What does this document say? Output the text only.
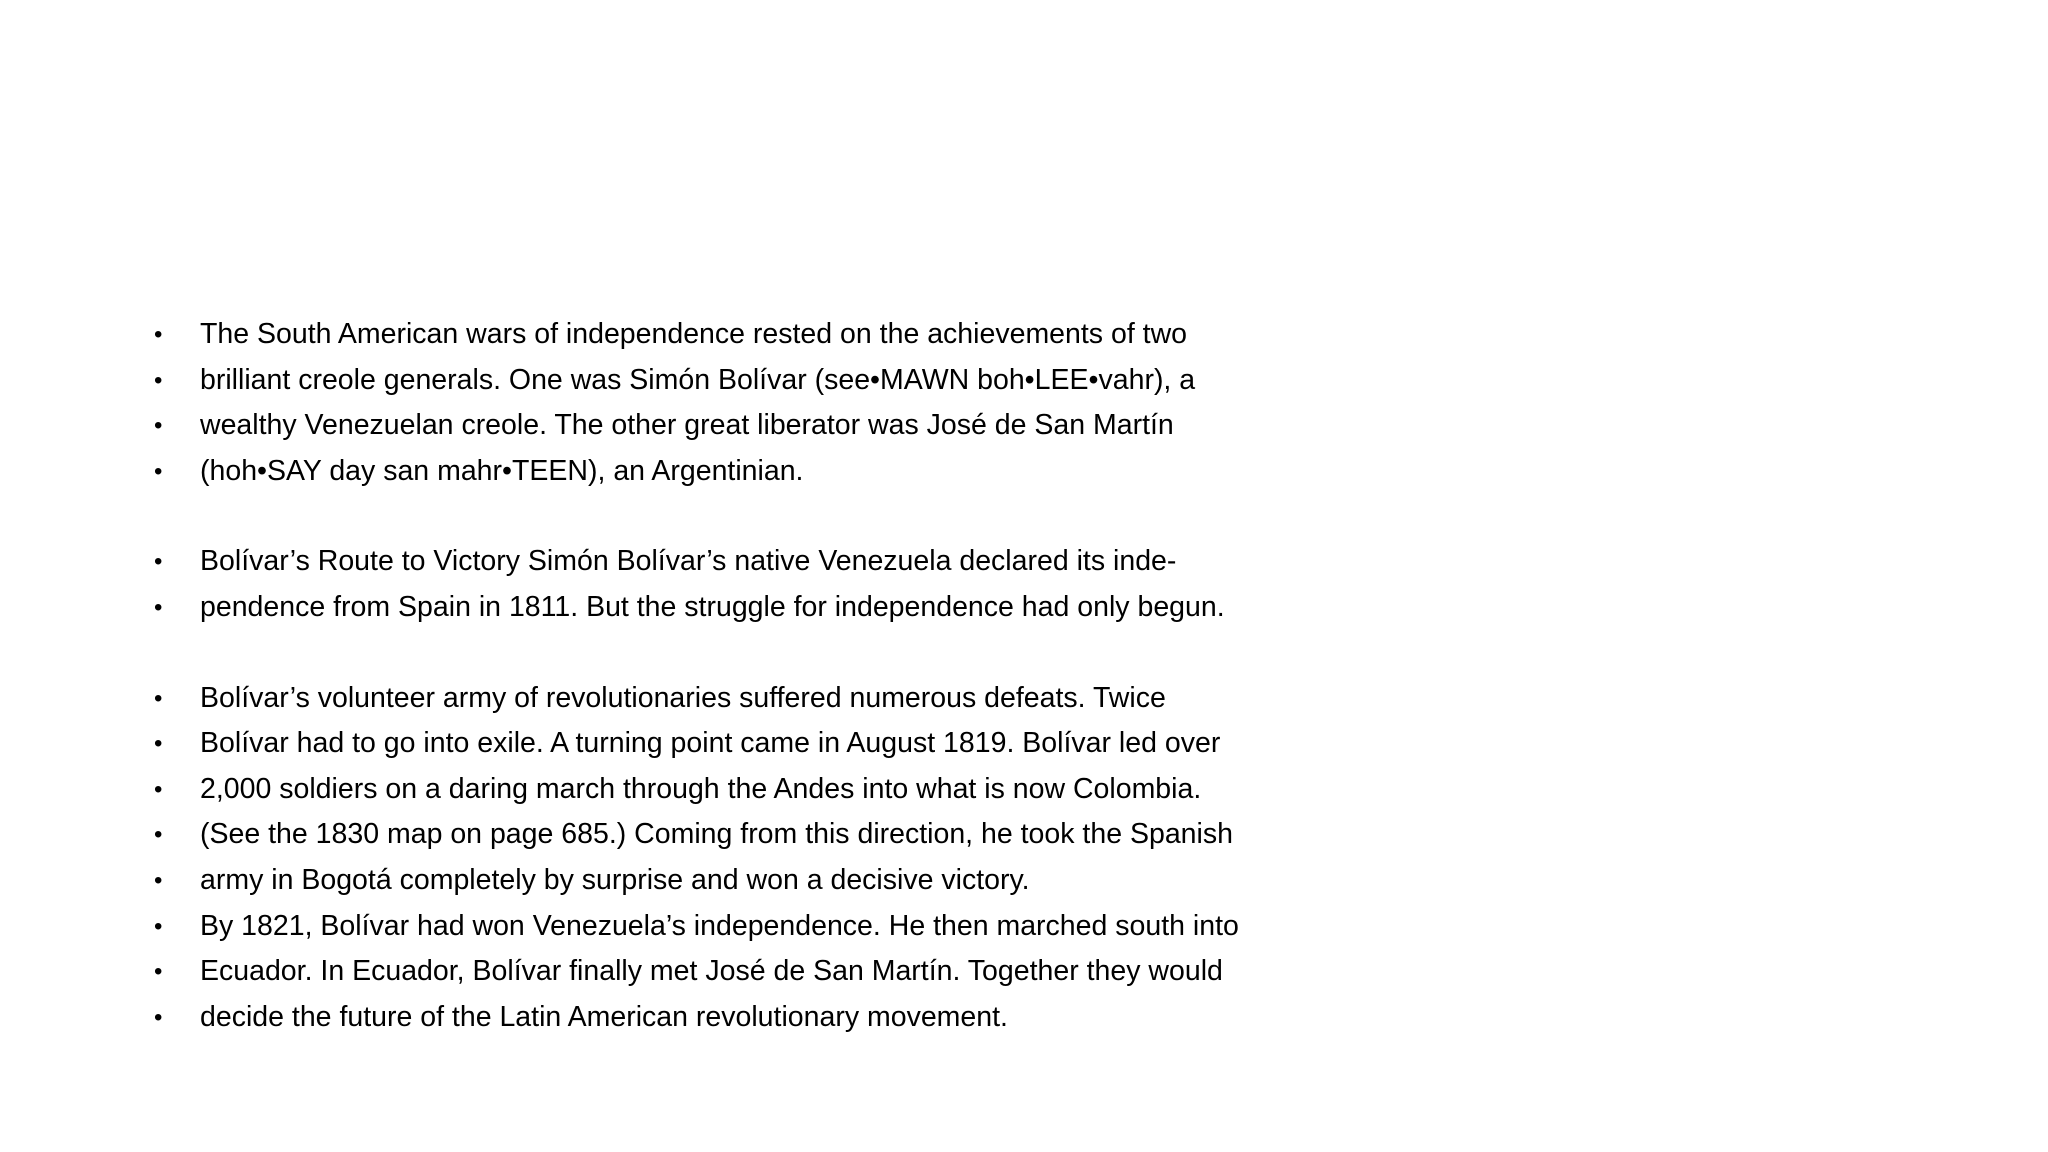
• The South American wars of independence rested on the achievements of two
• brilliant creole generals. One was Simón Bolívar (see•MAWN boh•LEE•vahr), a
• wealthy Venezuelan creole. The other great liberator was José de San Martín
• (hoh•SAY day san mahr•TEEN), an Argentinian.
• Bolívar’s Route to Victory Simón Bolívar’s native Venezuela declared its inde-
• pendence from Spain in 1811. But the struggle for independence had only begun.
• Bolívar’s volunteer army of revolutionaries suffered numerous defeats. Twice
• Bolívar had to go into exile. A turning point came in August 1819. Bolívar led over
• 2,000 soldiers on a daring march through the Andes into what is now Colombia.
• (See the 1830 map on page 685.) Coming from this direction, he took the Spanish
• army in Bogotá completely by surprise and won a decisive victory.
• By 1821, Bolívar had won Venezuela’s independence. He then marched south into
• Ecuador. In Ecuador, Bolívar finally met José de San Martín. Together they would
• decide the future of the Latin American revolutionary movement.
